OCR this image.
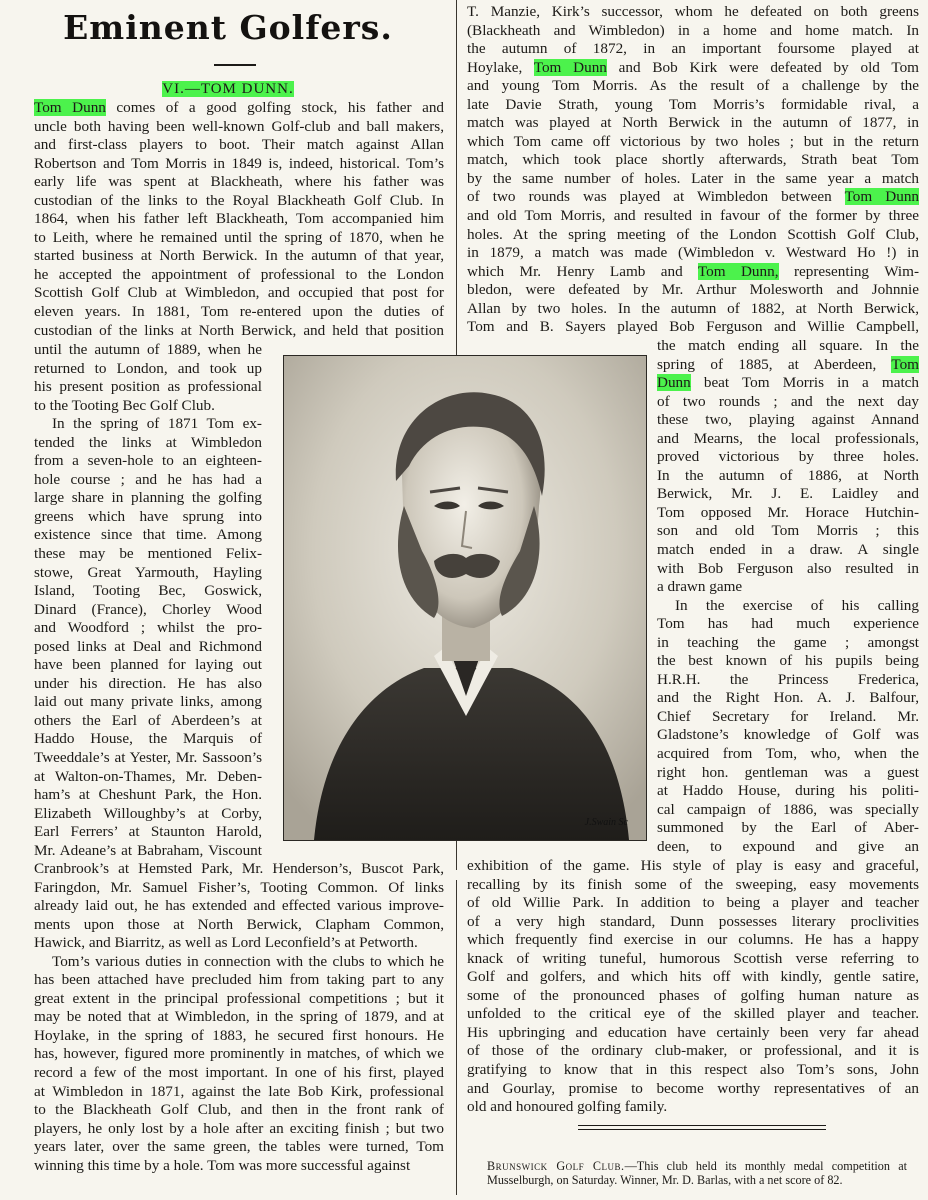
Eminent Golfers.
VI.—TOM DUNN.
Tom Dunn comes of a good golfing stock, his father and
uncle both having been well-known Golf-club and ball makers,
and first-class players to boot. Their match against Allan
Robertson and Tom Morris in 1849 is, indeed, historical. Tom’s
early life was spent at Blackheath, where his father was
custodian of the links to the Royal Blackheath Golf Club. In
1864, when his father left Blackheath, Tom accompanied him
to Leith, where he remained until the spring of 1870, when he
started business at North Berwick. In the autumn of that year,
he accepted the appointment of professional to the London
Scottish Golf Club at Wimbledon, and occupied that post for
eleven years. In 1881, Tom re-entered upon the duties of
custodian of the links at North Berwick, and held that position
until the autumn of 1889, when he
returned to London, and took up
his present position as professional
to the Tooting Bec Golf Club.
In the spring of 1871 Tom ex-
tended the links at Wimbledon
from a seven-hole to an eighteen-
hole course ; and he has had a
large share in planning the golfing
greens which have sprung into
existence since that time. Among
these may be mentioned Felix-
stowe, Great Yarmouth, Hayling
Island, Tooting Bec, Goswick,
Dinard (France), Chorley Wood
and Woodford ; whilst the pro-
posed links at Deal and Richmond
have been planned for laying out
under his direction. He has also
laid out many private links, among
others the Earl of Aberdeen’s at
Haddo House, the Marquis of
Tweeddale’s at Yester, Mr. Sassoon’s
at Walton-on-Thames, Mr. Deben-
ham’s at Cheshunt Park, the Hon.
Elizabeth Willoughby’s at Corby,
Earl Ferrers’ at Staunton Harold,
Mr. Adeane’s at Babraham, Viscount
Cranbrook’s at Hemsted Park, Mr. Henderson’s, Buscot Park,
Faringdon, Mr. Samuel Fisher’s, Tooting Common. Of links
already laid out, he has extended and effected various improve-
ments upon those at North Berwick, Clapham Common,
Hawick, and Biarritz, as well as Lord Leconfield’s at Petworth.
Tom’s various duties in connection with the clubs to which he
has been attached have precluded him from taking part to any
great extent in the principal professional competitions ; but it
may be noted that at Wimbledon, in the spring of 1879, and at
Hoylake, in the spring of 1883, he secured first honours. He
has, however, figured more prominently in matches, of which we
record a few of the most important. In one of his first, played
at Wimbledon in 1871, against the late Bob Kirk, professional
to the Blackheath Golf Club, and then in the front rank of
players, he only lost by a hole after an exciting finish ; but two
years later, over the same green, the tables were turned, Tom
winning this time by a hole. Tom was more successful against
T. Manzie, Kirk’s successor, whom he defeated on both greens
(Blackheath and Wimbledon) in a home and home match. In
the autumn of 1872, in an important foursome played at
Hoylake, Tom Dunn and Bob Kirk were defeated by old Tom
and young Tom Morris. As the result of a challenge by the
late Davie Strath, young Tom Morris’s formidable rival, a
match was played at North Berwick in the autumn of 1877, in
which Tom came off victorious by two holes ; but in the return
match, which took place shortly afterwards, Strath beat Tom
by the same number of holes. Later in the same year a match
of two rounds was played at Wimbledon between Tom Dunn
and old Tom Morris, and resulted in favour of the former by three
holes. At the spring meeting of the London Scottish Golf Club,
in 1879, a match was made (Wimbledon v. Westward Ho !) in
which Mr. Henry Lamb and Tom Dunn, representing Wim-
bledon, were defeated by Mr. Arthur Molesworth and Johnnie
Allan by two holes. In the autumn of 1882, at North Berwick,
Tom and B. Sayers played Bob Ferguson and Willie Campbell,
the match ending all square. In the
spring of 1885, at Aberdeen, Tom
Dunn beat Tom Morris in a match
of two rounds ; and the next day
these two, playing against Annand
and Mearns, the local professionals,
proved victorious by three holes.
In the autumn of 1886, at North
Berwick, Mr. J. E. Laidley and
Tom opposed Mr. Horace Hutchin-
son and old Tom Morris ; this
match ended in a draw. A single
with Bob Ferguson also resulted in
a drawn game
In the exercise of his calling
Tom has had much experience
in teaching the game ; amongst
the best known of his pupils being
H.R.H. the Princess Frederica,
and the Right Hon. A. J. Balfour,
Chief Secretary for Ireland. Mr.
Gladstone’s knowledge of Golf was
acquired from Tom, who, when the
right hon. gentleman was a guest
at Haddo House, during his politi-
cal campaign of 1886, was specially
summoned by the Earl of Aber-
deen, to expound and give an
exhibition of the game. His style of play is easy and graceful,
recalling by its finish some of the sweeping, easy movements
of old Willie Park. In addition to being a player and teacher
of a very high standard, Dunn possesses literary proclivities
which frequently find exercise in our columns. He has a happy
knack of writing tuneful, humorous Scottish verse referring to
Golf and golfers, and which hits off with kindly, gentle satire,
some of the pronounced phases of golfing human nature as
unfolded to the critical eye of the skilled player and teacher.
His upbringing and education have certainly been very far ahead
of those of the ordinary club-maker, or professional, and it is
gratifying to know that in this respect also Tom’s sons, John
and Gourlay, promise to become worthy representatives of an
old and honoured golfing family.
J.Swain Sc
Brunswick Golf Club.—This club held its monthly medal competition at Musselburgh, on Saturday. Winner, Mr. D. Barlas, with a net score of 82.
